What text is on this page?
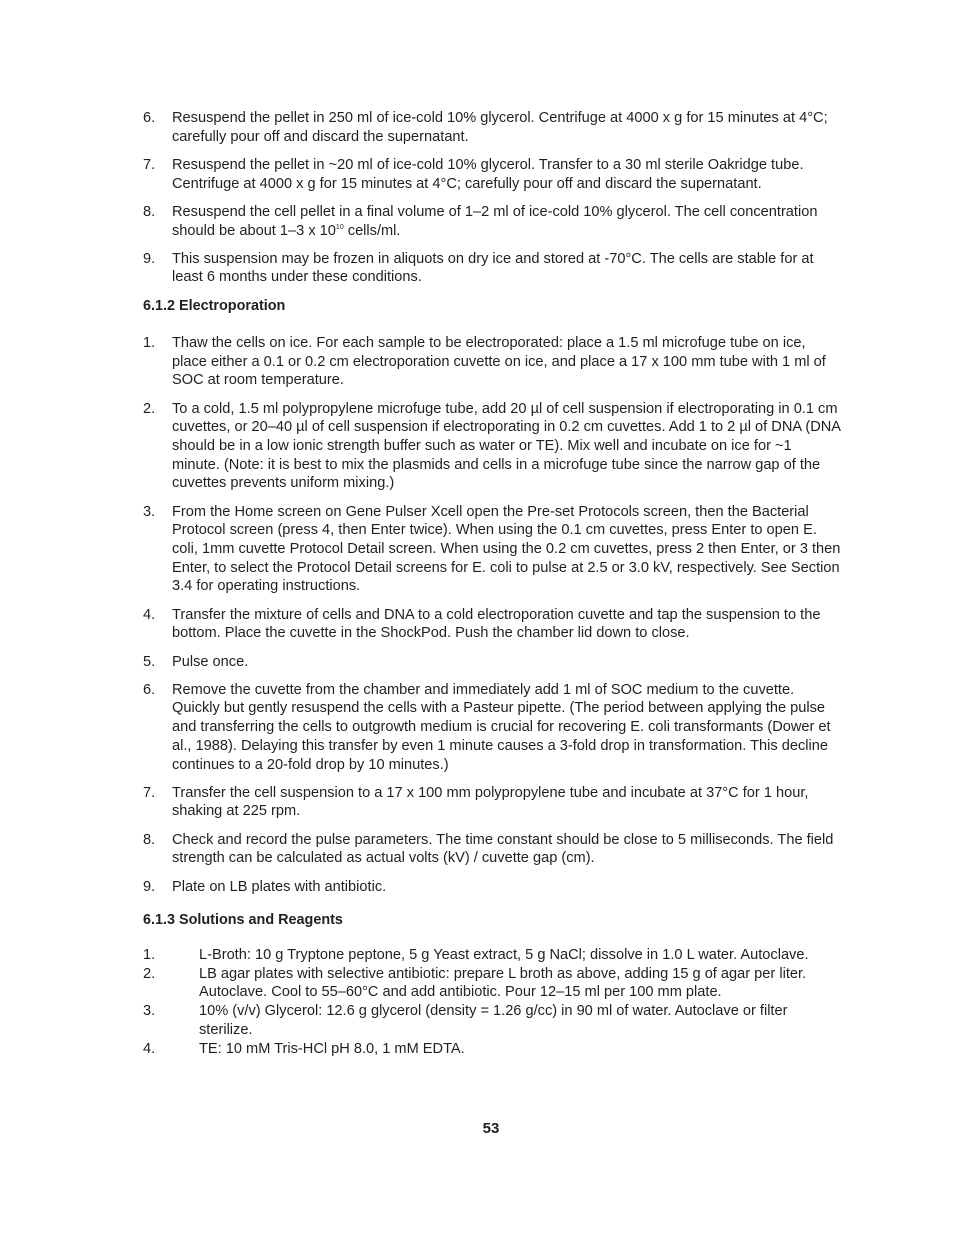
6. Resuspend the pellet in 250 ml of ice-cold 10% glycerol. Centrifuge at 4000 x g for 15 minutes at 4°C; carefully pour off and discard the supernatant.
7. Resuspend the pellet in ~20 ml of ice-cold 10% glycerol. Transfer to a 30 ml sterile Oakridge tube. Centrifuge at 4000 x g for 15 minutes at 4°C; carefully pour off and discard the supernatant.
8. Resuspend the cell pellet in a final volume of 1–2 ml of ice-cold 10% glycerol. The cell concentration should be about 1–3 x $10^{10}$ cells/ml.
9. This suspension may be frozen in aliquots on dry ice and stored at -70°C. The cells are stable for at least 6 months under these conditions.
6.1.2 Electroporation
1. Thaw the cells on ice. For each sample to be electroporated: place a 1.5 ml microfuge tube on ice, place either a 0.1 or 0.2 cm electroporation cuvette on ice, and place a 17 x 100 mm tube with 1 ml of SOC at room temperature.
2. To a cold, 1.5 ml polypropylene microfuge tube, add 20 µl of cell suspension if electroporating in 0.1 cm cuvettes, or 20–40 µl of cell suspension if electroporating in 0.2 cm cuvettes. Add 1 to 2 µl of DNA (DNA should be in a low ionic strength buffer such as water or TE). Mix well and incubate on ice for ~1 minute. (Note: it is best to mix the plasmids and cells in a microfuge tube since the narrow gap of the cuvettes prevents uniform mixing.)
3. From the Home screen on Gene Pulser Xcell open the Pre-set Protocols screen, then the Bacterial Protocol screen (press 4, then Enter twice). When using the 0.1 cm cuvettes, press Enter to open E. coli, 1mm cuvette Protocol Detail screen. When using the 0.2 cm cuvettes, press 2 then Enter, or 3 then Enter, to select the Protocol Detail screens for E. coli to pulse at 2.5 or 3.0 kV, respectively. See Section 3.4 for operating instructions.
4. Transfer the mixture of cells and DNA to a cold electroporation cuvette and tap the suspension to the bottom. Place the cuvette in the ShockPod. Push the chamber lid down to close.
5. Pulse once.
6. Remove the cuvette from the chamber and immediately add 1 ml of SOC medium to the cuvette. Quickly but gently resuspend the cells with a Pasteur pipette. (The period between applying the pulse and transferring the cells to outgrowth medium is crucial for recovering E. coli transformants (Dower et al., 1988). Delaying this transfer by even 1 minute causes a 3-fold drop in transformation. This decline continues to a 20-fold drop by 10 minutes.)
7. Transfer the cell suspension to a 17 x 100 mm polypropylene tube and incubate at 37°C for 1 hour, shaking at 225 rpm.
8. Check and record the pulse parameters. The time constant should be close to 5 milliseconds. The field strength can be calculated as actual volts (kV) / cuvette gap (cm).
9. Plate on LB plates with antibiotic.
6.1.3 Solutions and Reagents
1.	L-Broth: 10 g Tryptone peptone, 5 g Yeast extract, 5 g NaCl; dissolve in 1.0 L water. Autoclave.
2.	LB agar plates with selective antibiotic: prepare L broth as above, adding 15 g of agar per liter. Autoclave. Cool to 55–60°C and add antibiotic. Pour 12–15 ml per 100 mm plate.
3.	10% (v/v) Glycerol: 12.6 g glycerol (density = 1.26 g/cc) in 90 ml of water. Autoclave or filter sterilize.
4.	TE: 10 mM Tris-HCl pH 8.0, 1 mM EDTA.
53
